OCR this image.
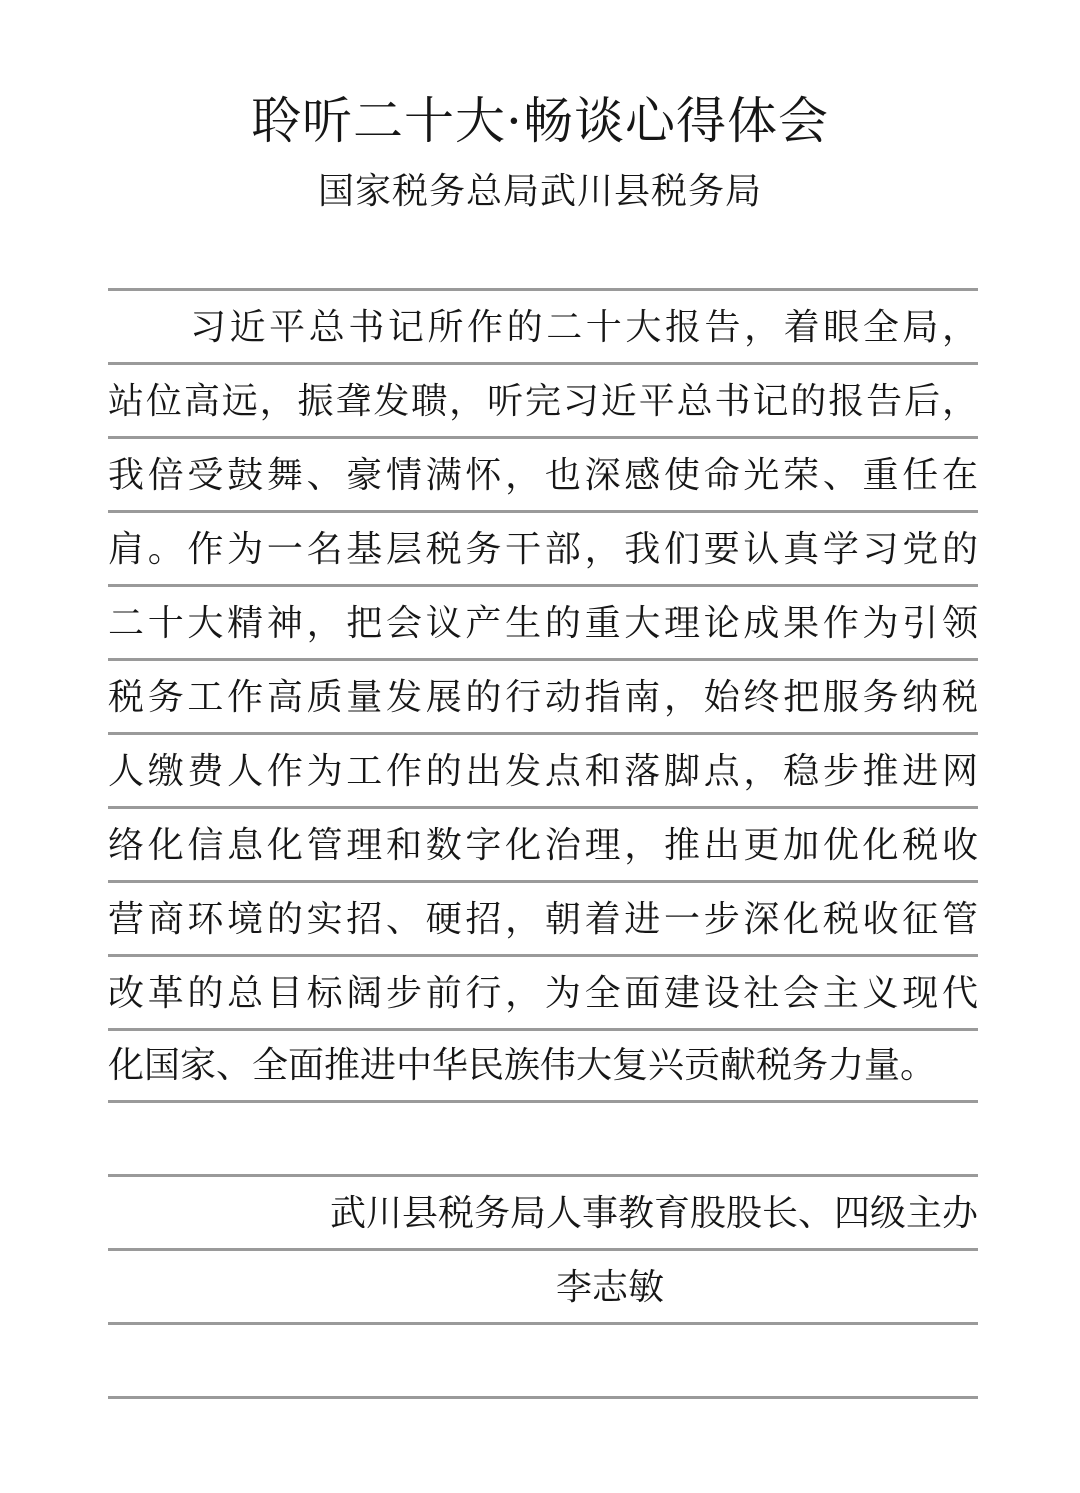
聆听二十大·畅谈心得体会
国家税务总局武川县税务局
习近平总书记所作的二十大报告，着眼全局，
站位高远，振聋发聩，听完习近平总书记的报告后，
我倍受鼓舞、豪情满怀，也深感使命光荣、重任在
肩。作为一名基层税务干部，我们要认真学习党的
二十大精神，把会议产生的重大理论成果作为引领
税务工作高质量发展的行动指南，始终把服务纳税
人缴费人作为工作的出发点和落脚点，稳步推进网
络化信息化管理和数字化治理，推出更加优化税收
营商环境的实招、硬招，朝着进一步深化税收征管
改革的总目标阔步前行，为全面建设社会主义现代
化国家、全面推进中华民族伟大复兴贡献税务力量。
武川县税务局人事教育股股长、四级主办
李志敏
